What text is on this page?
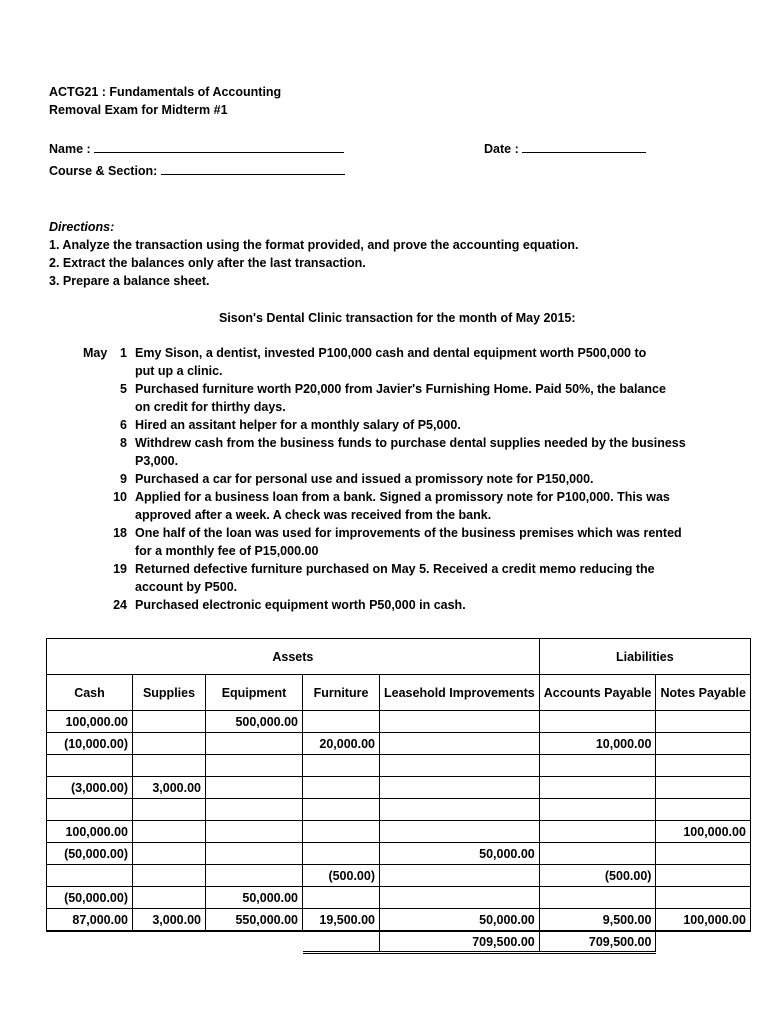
ACTG21 : Fundamentals of Accounting
Removal Exam for Midterm #1
Name :	Date :
Course & Section:
Directions:
1. Analyze the transaction using the format provided, and prove the accounting equation.
2. Extract the balances only after the last transaction.
3. Prepare a balance sheet.
Sison's Dental Clinic transaction for the month of May 2015:
May	1 Emy Sison, a dentist, invested P100,000 cash and dental equipment worth P500,000 to
put up a clinic.
5 Purchased furniture worth P20,000 from Javier's Furnishing Home. Paid 50%, the balance
on credit for thirthy days.
6 Hired an assitant helper for a monthly salary of P5,000.
8 Withdrew cash from the business funds to purchase dental supplies needed by the business
P3,000.
9 Purchased a car for personal use and issued a promissory note for P150,000.
10 Applied for a business loan from a bank. Signed a promissory note for P100,000. This was
approved after a week. A check was received from the bank.
18 One half of the loan was used for improvements of the business premises which was rented
for a monthly fee of P15,000.00
19 Returned defective furniture purchased on May 5. Received a credit memo reducing the
account by P500.
24 Purchased electronic equipment worth P50,000 in cash.
Assets					Liabilities	
Cash	Supplies	Equipment	Furniture	Leasehold Improvements	Accounts Payable	Notes Payable
100,000.00		500,000.00				
(10,000.00)			20,000.00		10,000.00	

(3,000.00)	3,000.00					

100,000.00						100,000.00
(50,000.00)				50,000.00		
			(500.00)		(500.00)	
(50,000.00)		50,000.00				
87,000.00	3,000.00	550,000.00	19,500.00	50,000.00	9,500.00	100,000.00
				709,500.00	709,500.00	
